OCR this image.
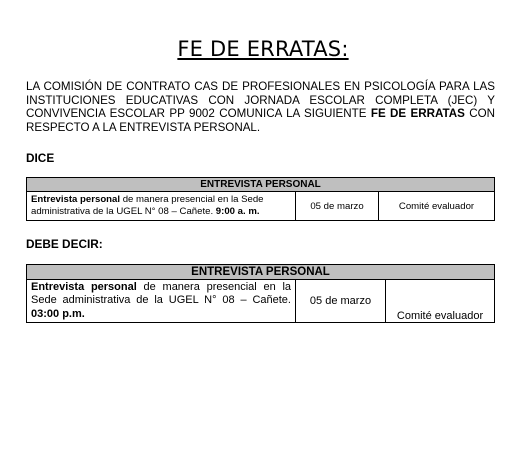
FE DE ERRATAS:
LA COMISIÓN DE CONTRATO CAS DE PROFESIONALES EN PSICOLOGÍA PARA LAS INSTITUCIONES EDUCATIVAS CON JORNADA ESCOLAR COMPLETA (JEC) Y CONVIVENCIA ESCOLAR PP 9002 COMUNICA LA SIGUIENTE FE DE ERRATAS CON RESPECTO A LA ENTREVISTA PERSONAL.
DICE
ENTREVISTA PERSONAL
Entrevista personal de manera presencial en la Sede administrativa de la UGEL N° 08 – Cañete. 9:00 a. m.	05 de marzo	Comité evaluador
DEBE DECIR:
ENTREVISTA PERSONAL
Entrevista personal de manera presencial en la Sede administrativa de la UGEL N° 08 – Cañete. 03:00 p.m.	05 de marzo	Comité evaluador
